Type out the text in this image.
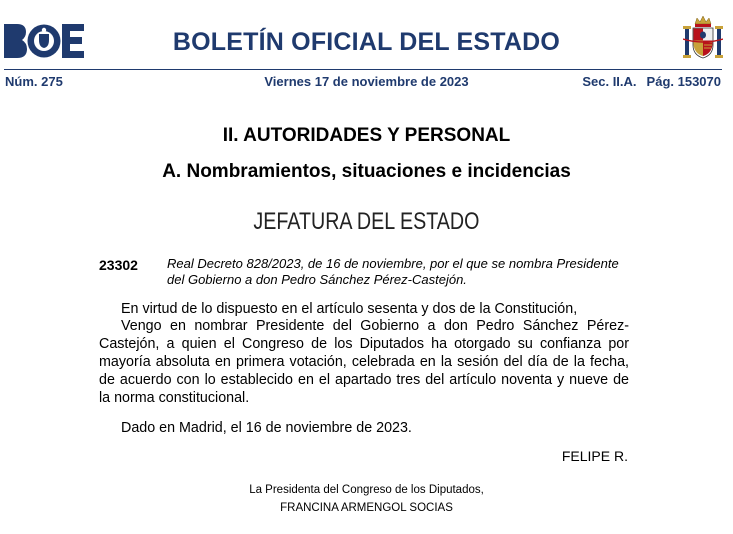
BOLETÍN OFICIAL DEL ESTADO
Núm. 275	Viernes 17 de noviembre de 2023	Sec. II.A. Pág. 153070
II. AUTORIDADES Y PERSONAL
A. Nombramientos, situaciones e incidencias
JEFATURA DEL ESTADO
23302 Real Decreto 828/2023, de 16 de noviembre, por el que se nombra Presidente del Gobierno a don Pedro Sánchez Pérez-Castejón.
En virtud de lo dispuesto en el artículo sesenta y dos de la Constitución,
Vengo en nombrar Presidente del Gobierno a don Pedro Sánchez Pérez-Castejón, a quien el Congreso de los Diputados ha otorgado su confianza por mayoría absoluta en primera votación, celebrada en la sesión del día de la fecha, de acuerdo con lo establecido en el apartado tres del artículo noventa y nueve de la norma constitucional.
Dado en Madrid, el 16 de noviembre de 2023.
FELIPE R.
La Presidenta del Congreso de los Diputados,
FRANCINA ARMENGOL SOCIAS
